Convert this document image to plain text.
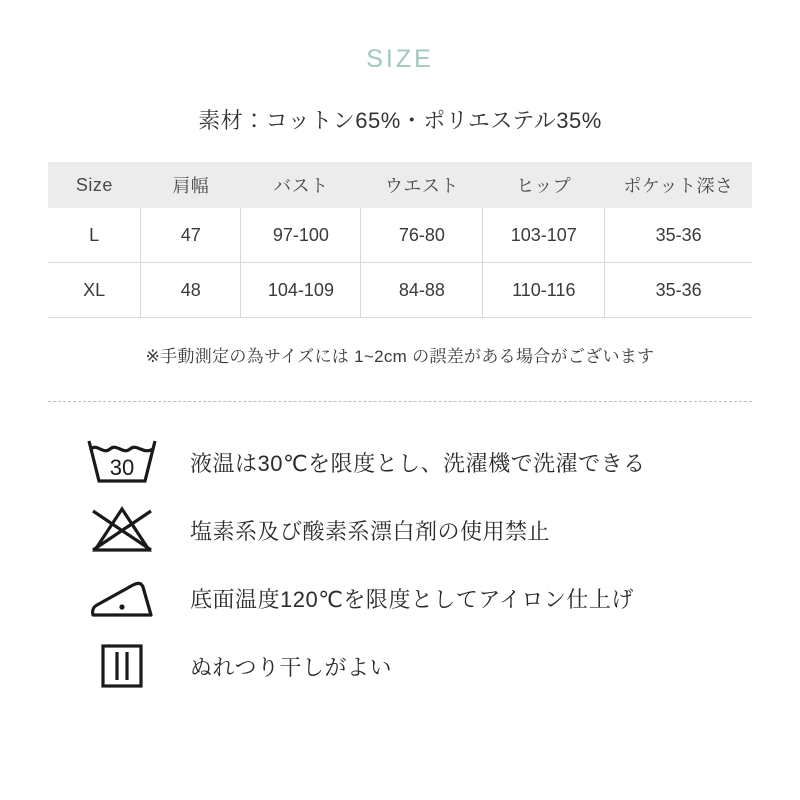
SIZE

素材：コットン65%・ポリエステル35%

Size	肩幅	バスト	ウエスト	ヒップ	ポケット深さ
L	47	97-100	76-80	103-107	35-36
XL	48	104-109	84-88	110-116	35-36

※手動測定の為サイズには 1~2cm の誤差がある場合がございます

30	液温は30℃を限度とし、洗濯機で洗濯できる
塩素系及び酸素系漂白剤の使用禁止
底面温度120℃を限度としてアイロン仕上げ
ぬれつり干しがよい
